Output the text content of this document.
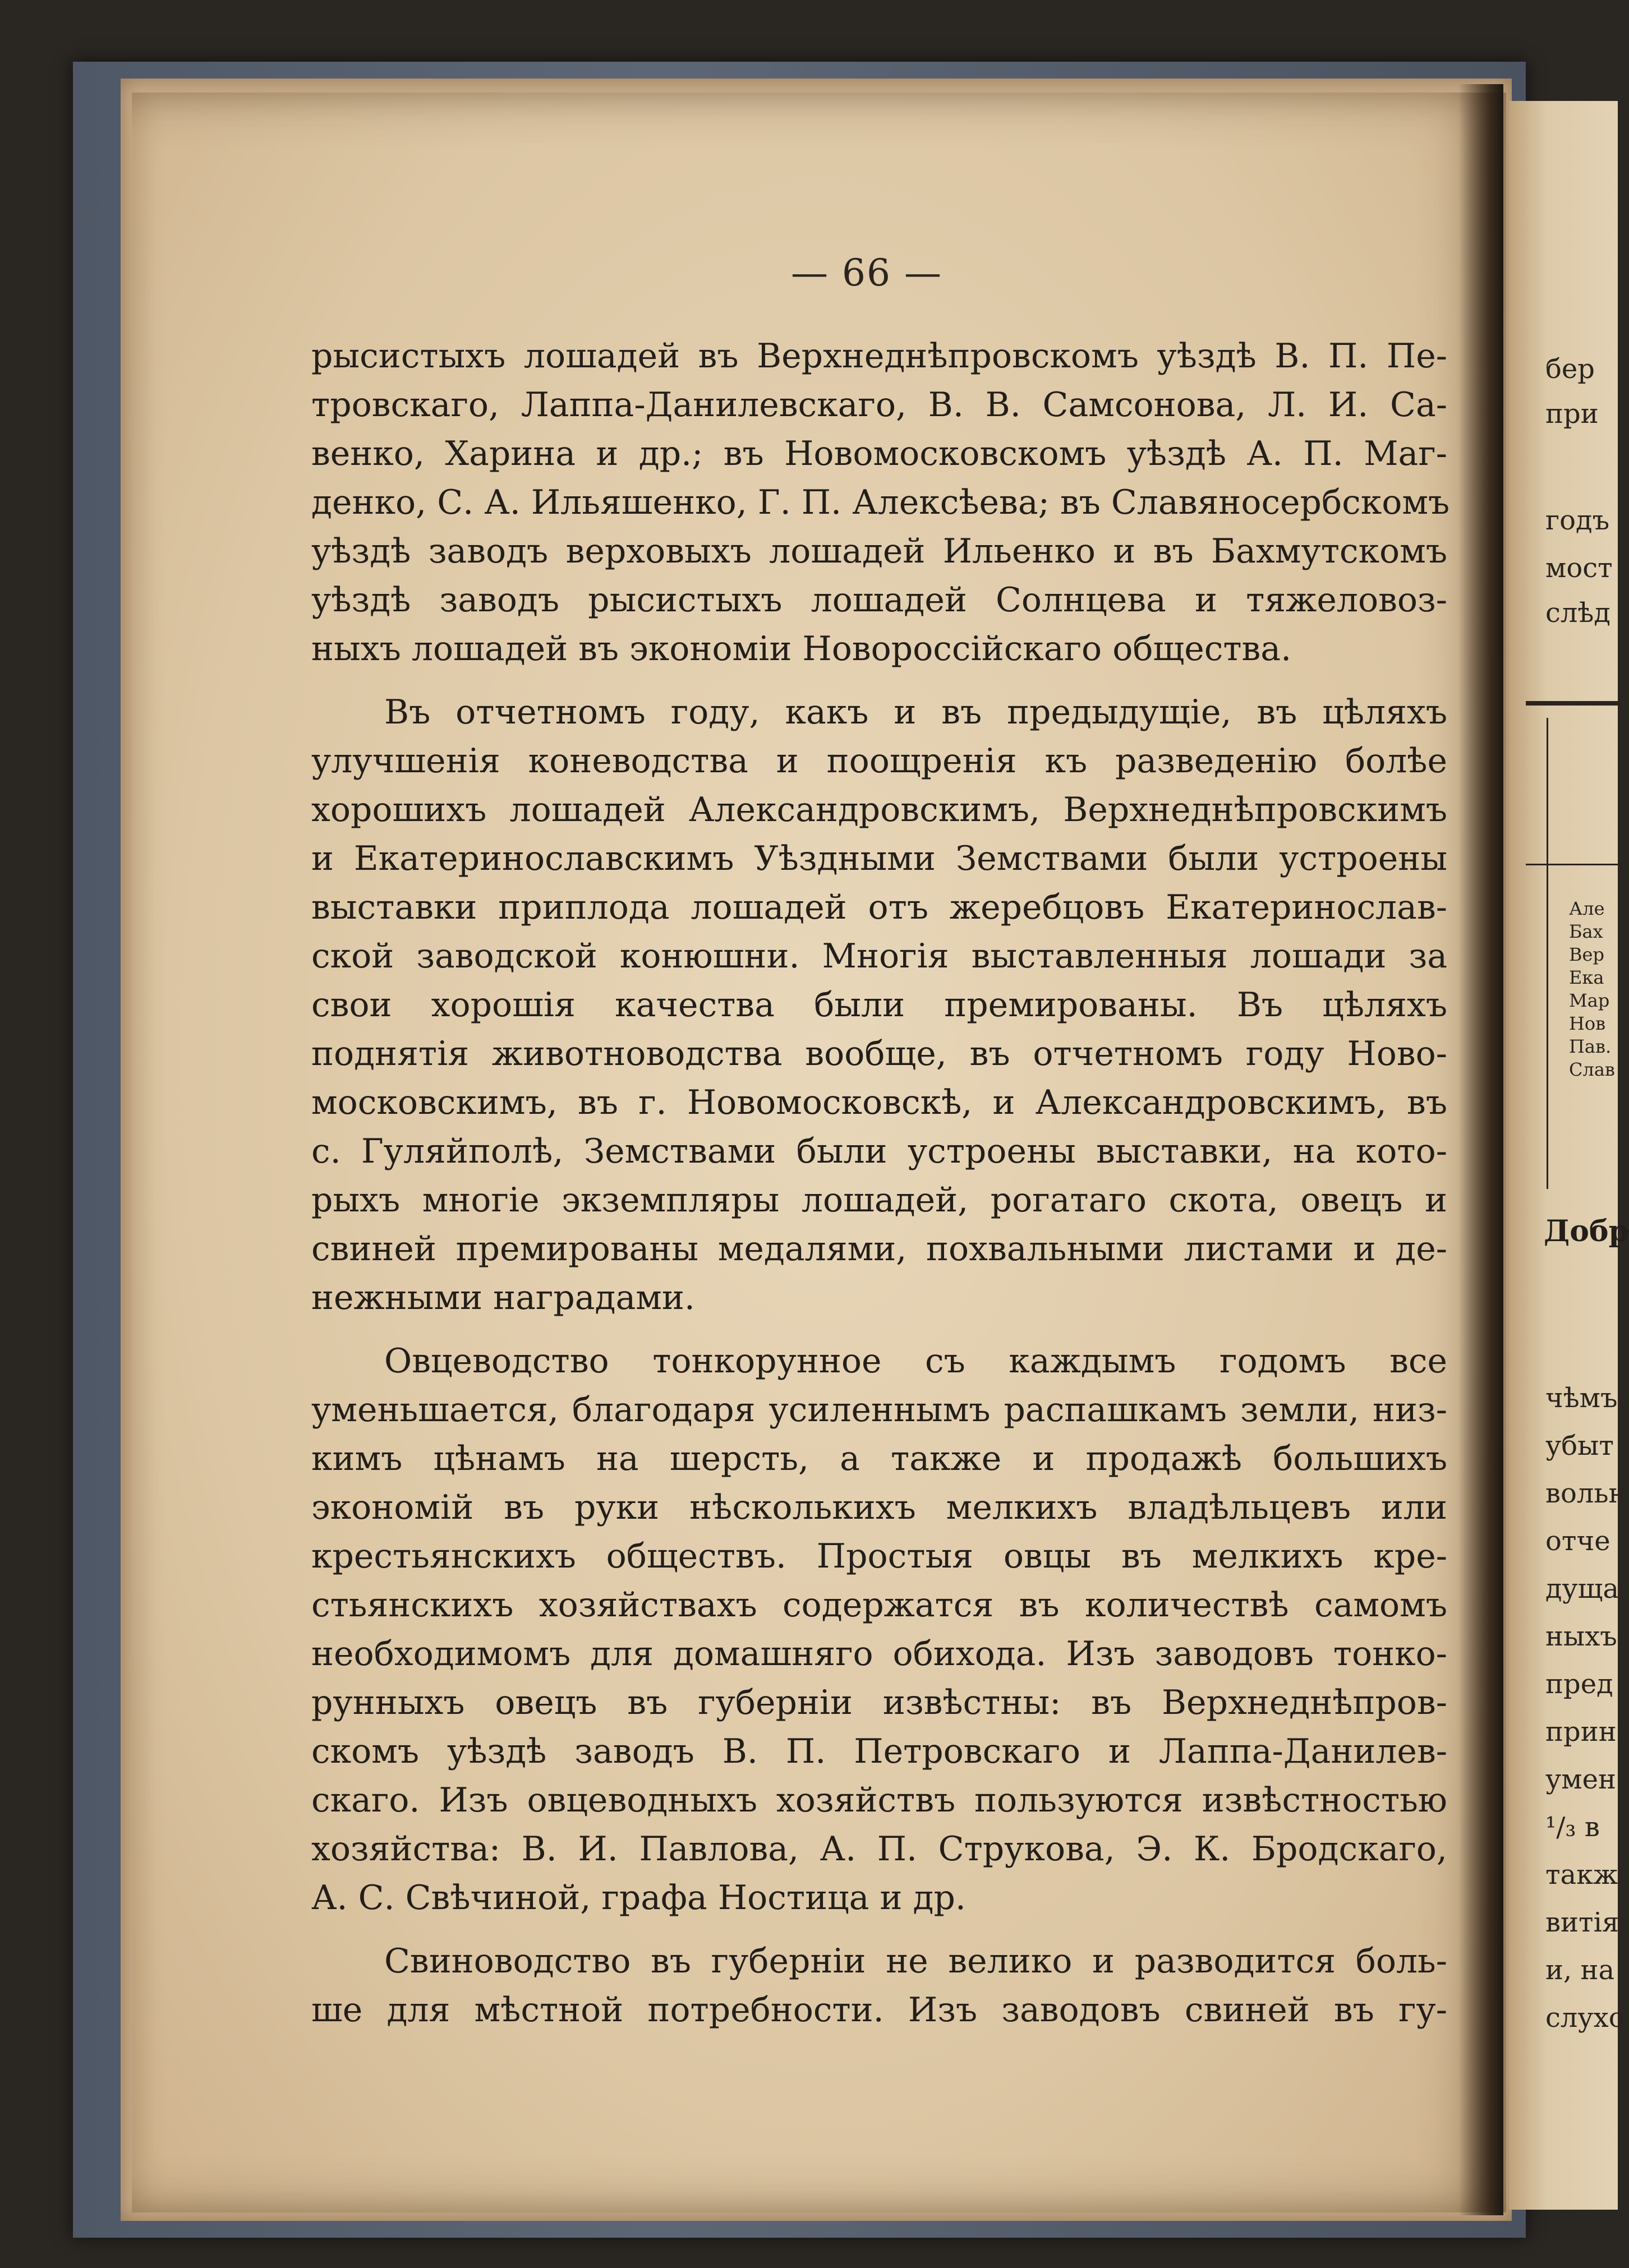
— 66 —
рысистыхъ лошадей въ Верхнеднѣпровскомъ уѣздѣ В. П. Пе-
тровскаго, Лаппа-Данилевскаго, В. В. Самсонова, Л. И. Са-
венко, Харина и др.; въ Новомосковскомъ уѣздѣ А. П. Маг-
денко, С. А. Ильяшенко, Г. П. Алексѣева; въ Славяносербскомъ
уѣздѣ заводъ верховыхъ лошадей Ильенко и въ Бахмутскомъ
уѣздѣ заводъ рысистыхъ лошадей Солнцева и тяжеловоз-
ныхъ лошадей въ экономіи Новороссійскаго общества.
Въ отчетномъ году, какъ и въ предыдущіе, въ цѣляхъ
улучшенія коневодства и поощренія къ разведенію болѣе
хорошихъ лошадей Александровскимъ, Верхнеднѣпровскимъ
и Екатеринославскимъ Уѣздными Земствами были устроены
выставки приплода лошадей отъ жеребцовъ Екатеринослав-
ской заводской конюшни. Многія выставленныя лошади за
свои хорошія качества были премированы. Въ цѣляхъ
поднятія животноводства вообще, въ отчетномъ году Ново-
московскимъ, въ г. Новомосковскѣ, и Александровскимъ, въ
с. Гуляйполѣ, Земствами были устроены выставки, на кото-
рыхъ многіе экземпляры лошадей, рогатаго скота, овецъ и
свиней премированы медалями, похвальными листами и де-
нежными наградами.
Овцеводство тонкорунное съ каждымъ годомъ все
уменьшается, благодаря усиленнымъ распашкамъ земли, низ-
кимъ цѣнамъ на шерсть, а также и продажѣ большихъ
экономій въ руки нѣсколькихъ мелкихъ владѣльцевъ или
крестьянскихъ обществъ. Простыя овцы въ мелкихъ кре-
стьянскихъ хозяйствахъ содержатся въ количествѣ самомъ
необходимомъ для домашняго обихода. Изъ заводовъ тонко-
рунныхъ овецъ въ губерніи извѣстны: въ Верхнеднѣпров-
скомъ уѣздѣ заводъ В. П. Петровскаго и Лаппа-Данилев-
скаго. Изъ овцеводныхъ хозяйствъ пользуются извѣстностью
хозяйства: В. И. Павлова, А. П. Струкова, Э. К. Бродскаго,
А. С. Свѣчиной, графа Ностица и др.
Свиноводство въ губерніи не велико и разводится боль-
ше для мѣстной потребности. Изъ заводовъ свиней въ гу-
бер
при
годъ
мост
слѣд
Але
Бах
Вер
Ека
Мар
Нов
Пав.
Слав
Добр
чѣмъ
убыт
вольн
отче
дуща
ныхъ
пред
прин
умен
¹/₃ в
такж
витія
и, на
слухо
